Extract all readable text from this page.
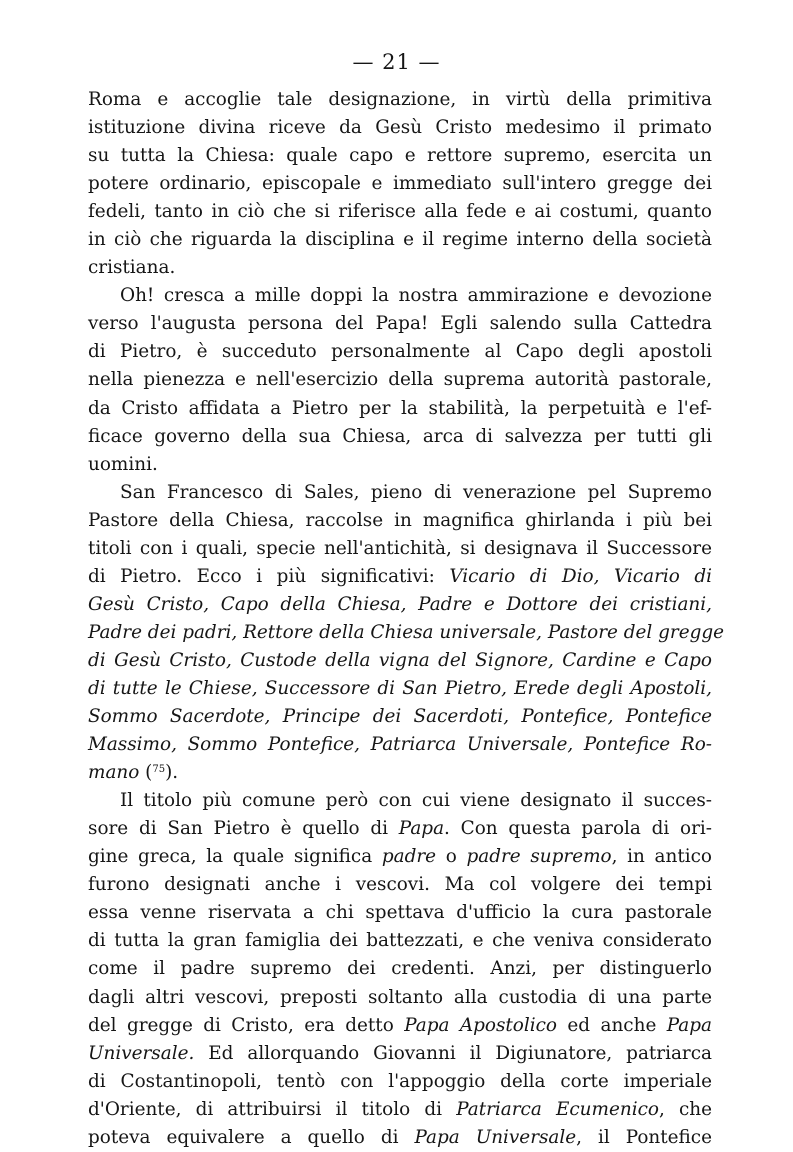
— 21 —
Roma e accoglie tale designazione, in virtù della primitiva
istituzione divina riceve da Gesù Cristo medesimo il primato
su tutta la Chiesa: quale capo e rettore supremo, esercita un
potere ordinario, episcopale e immediato sull'intero gregge dei
fedeli, tanto in ciò che si riferisce alla fede e ai costumi, quanto
in ciò che riguarda la disciplina e il regime interno della società
cristiana.
Oh! cresca a mille doppi la nostra ammirazione e devozione
verso l'augusta persona del Papa! Egli salendo sulla Cattedra
di Pietro, è succeduto personalmente al Capo degli apostoli
nella pienezza e nell'esercizio della suprema autorità pastorale,
da Cristo affidata a Pietro per la stabilità, la perpetuità e l'ef-
ficace governo della sua Chiesa, arca di salvezza per tutti gli
uomini.
San Francesco di Sales, pieno di venerazione pel Supremo
Pastore della Chiesa, raccolse in magnifica ghirlanda i più bei
titoli con i quali, specie nell'antichità, si designava il Successore
di Pietro. Ecco i più significativi: Vicario di Dio, Vicario di
Gesù Cristo, Capo della Chiesa, Padre e Dottore dei cristiani,
Padre dei padri, Rettore della Chiesa universale, Pastore del gregge
di Gesù Cristo, Custode della vigna del Signore, Cardine e Capo
di tutte le Chiese, Successore di San Pietro, Erede degli Apostoli,
Sommo Sacerdote, Principe dei Sacerdoti, Pontefice, Pontefice
Massimo, Sommo Pontefice, Patriarca Universale, Pontefice Ro-
mano ($^{75}$).
Il titolo più comune però con cui viene designato il succes-
sore di San Pietro è quello di Papa. Con questa parola di ori-
gine greca, la quale significa padre o padre supremo, in antico
furono designati anche i vescovi. Ma col volgere dei tempi
essa venne riservata a chi spettava d'ufficio la cura pastorale
di tutta la gran famiglia dei battezzati, e che veniva considerato
come il padre supremo dei credenti. Anzi, per distinguerlo
dagli altri vescovi, preposti soltanto alla custodia di una parte
del gregge di Cristo, era detto Papa Apostolico ed anche Papa
Universale. Ed allorquando Giovanni il Digiunatore, patriarca
di Costantinopoli, tentò con l'appoggio della corte imperiale
d'Oriente, di attribuirsi il titolo di Patriarca Ecumenico, che
poteva equivalere a quello di Papa Universale, il Pontefice
